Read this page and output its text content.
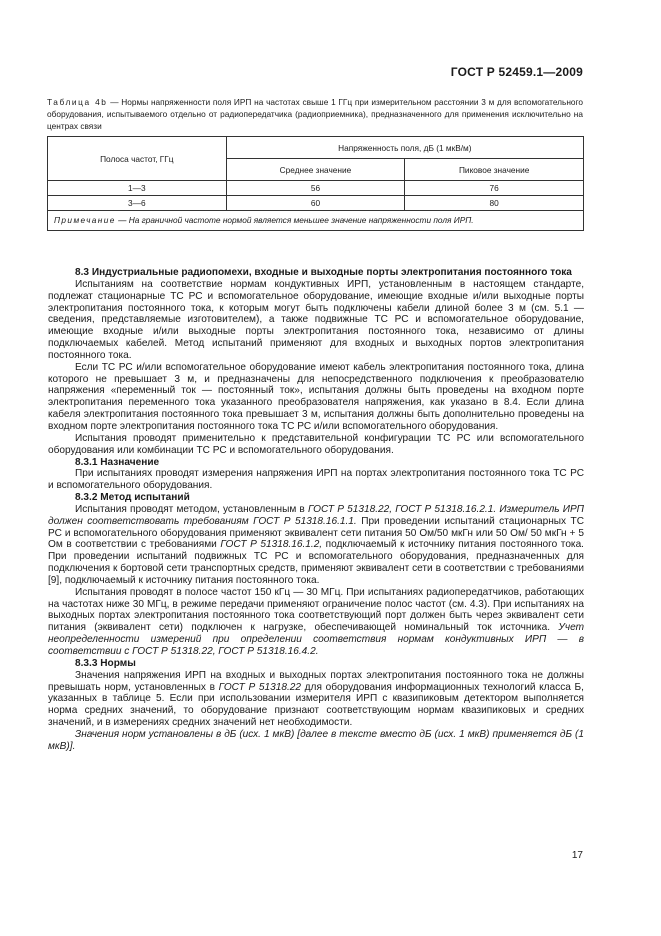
ГОСТ Р 52459.1—2009
Таблица 4b — Нормы напряженности поля ИРП на частотах свыше 1 ГГц при измерительном расстоянии 3 м для вспомогательного оборудования, испытываемого отдельно от радиопередатчика (радиоприемника), предназначенного для применения исключительно на центрах связи
Полоса частот, ГГц	Напряженность поля, дБ (1 мкВ/м)	
	Среднее значение	Пиковое значение
1—3	56	76
3—6	60	80
Примечание — На граничной частоте нормой является меньшее значение напряженности поля ИРП.		

8.3 Индустриальные радиопомехи, входные и выходные порты электропитания постоянного тока

Испытаниям на соответствие нормам кондуктивных ИРП, установленным в настоящем стандарте, подлежат стационарные ТС РС и вспомогательное оборудование, имеющие входные и/или выходные порты электропитания постоянного тока, к которым могут быть подключены кабели длиной более 3 м (см. 5.1 — сведения, представляемые изготовителем), а также подвижные ТС РС и вспомогательное оборудование, имеющие входные и/или выходные порты электропитания постоянного тока, независимо от длины подключаемых кабелей. Метод испытаний применяют для входных и выходных портов электропитания постоянного тока.

Если ТС РС и/или вспомогательное оборудование имеют кабель электропитания постоянного тока, длина которого не превышает 3 м, и предназначены для непосредственного подключения к преобразователю напряжения «переменный ток — постоянный ток», испытания должны быть проведены на входном порте электропитания переменного тока указанного преобразователя напряжения, как указано в 8.4. Если длина кабеля электропитания постоянного тока превышает 3 м, испытания должны быть дополнительно проведены на входном порте электропитания постоянного тока ТС РС и/или вспомогательного оборудования.

Испытания проводят применительно к представительной конфигурации ТС РС или вспомогательного оборудования или комбинации ТС РС и вспомогательного оборудования.

8.3.1 Назначение

При испытаниях проводят измерения напряжения ИРП на портах электропитания постоянного тока ТС РС и вспомогательного оборудования.

8.3.2 Метод испытаний

Испытания проводят методом, установленным в ГОСТ Р 51318.22, ГОСТ Р 51318.16.2.1. Измеритель ИРП должен соответствовать требованиям ГОСТ Р 51318.16.1.1. При проведении испытаний стационарных ТС РС и вспомогательного оборудования применяют эквивалент сети питания 50 Ом/50 мкГн или 50 Ом/ 50 мкГн + 5 Ом в соответствии с требованиями ГОСТ Р 51318.16.1.2, подключаемый к источнику питания постоянного тока. При проведении испытаний подвижных ТС РС и вспомогательного оборудования, предназначенных для подключения к бортовой сети транспортных средств, применяют эквивалент сети в соответствии с требованиями [9], подключаемый к источнику питания постоянного тока.

Испытания проводят в полосе частот 150 кГц — 30 МГц. При испытаниях радиопередатчиков, работающих на частотах ниже 30 МГц, в режиме передачи применяют ограничение полос частот (см. 4.3). При испытаниях на выходных портах электропитания постоянного тока соответствующий порт должен быть через эквивалент сети питания (эквивалент сети) подключен к нагрузке, обеспечивающей номинальный ток источника. Учет неопределенности измерений при определении соответствия нормам кондуктивных ИРП — в соответствии с ГОСТ Р 51318.22, ГОСТ Р 51318.16.4.2.

8.3.3 Нормы

Значения напряжения ИРП на входных и выходных портах электропитания постоянного тока не должны превышать норм, установленных в ГОСТ Р 51318.22 для оборудования информационных технологий класса Б, указанных в таблице 5. Если при использовании измерителя ИРП с квазипиковым детектором выполняется норма средних значений, то оборудование признают соответствующим нормам квазипиковых и средних значений, и в измерениях средних значений нет необходимости.

Значения норм установлены в дБ (исх. 1 мкВ) [далее в тексте вместо дБ (исх. 1 мкВ) применяется дБ (1 мкВ)].

17
